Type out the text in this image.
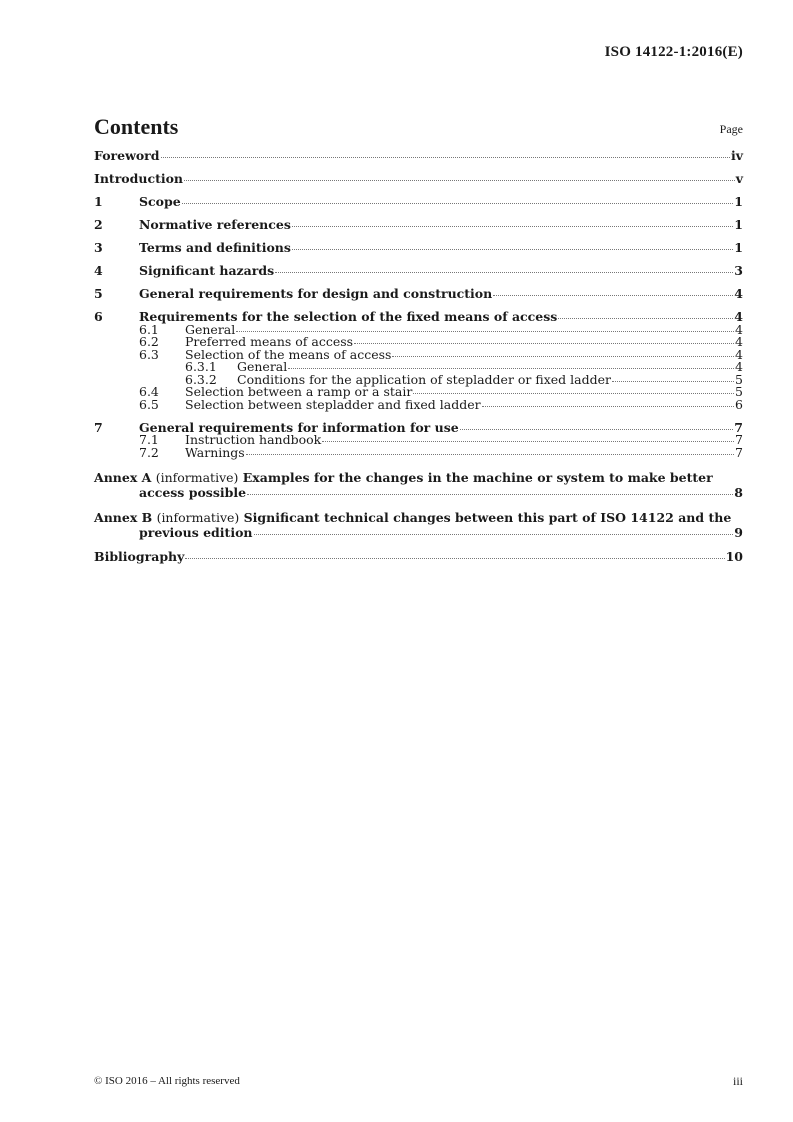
ISO 14122-1:2016(E)
Contents	Page
Foreword	iv
Introduction	v
1	Scope	1
2	Normative references	1
3	Terms and definitions	1
4	Significant hazards	3
5	General requirements for design and construction	4
6	Requirements for the selection of the fixed means of access	4
6.1	General	4
6.2	Preferred means of access	4
6.3	Selection of the means of access	4
6.3.1	General	4
6.3.2	Conditions for the application of stepladder or fixed ladder	5
6.4	Selection between a ramp or a stair	5
6.5	Selection between stepladder and fixed ladder	6
7	General requirements for information for use	7
7.1	Instruction handbook	7
7.2	Warnings	7
Annex A (informative) Examples for the changes in the machine or system to make better
access possible	8
Annex B (informative) Significant technical changes between this part of ISO 14122 and the
previous edition	9
Bibliography	10
© ISO 2016 – All rights reserved	iii
